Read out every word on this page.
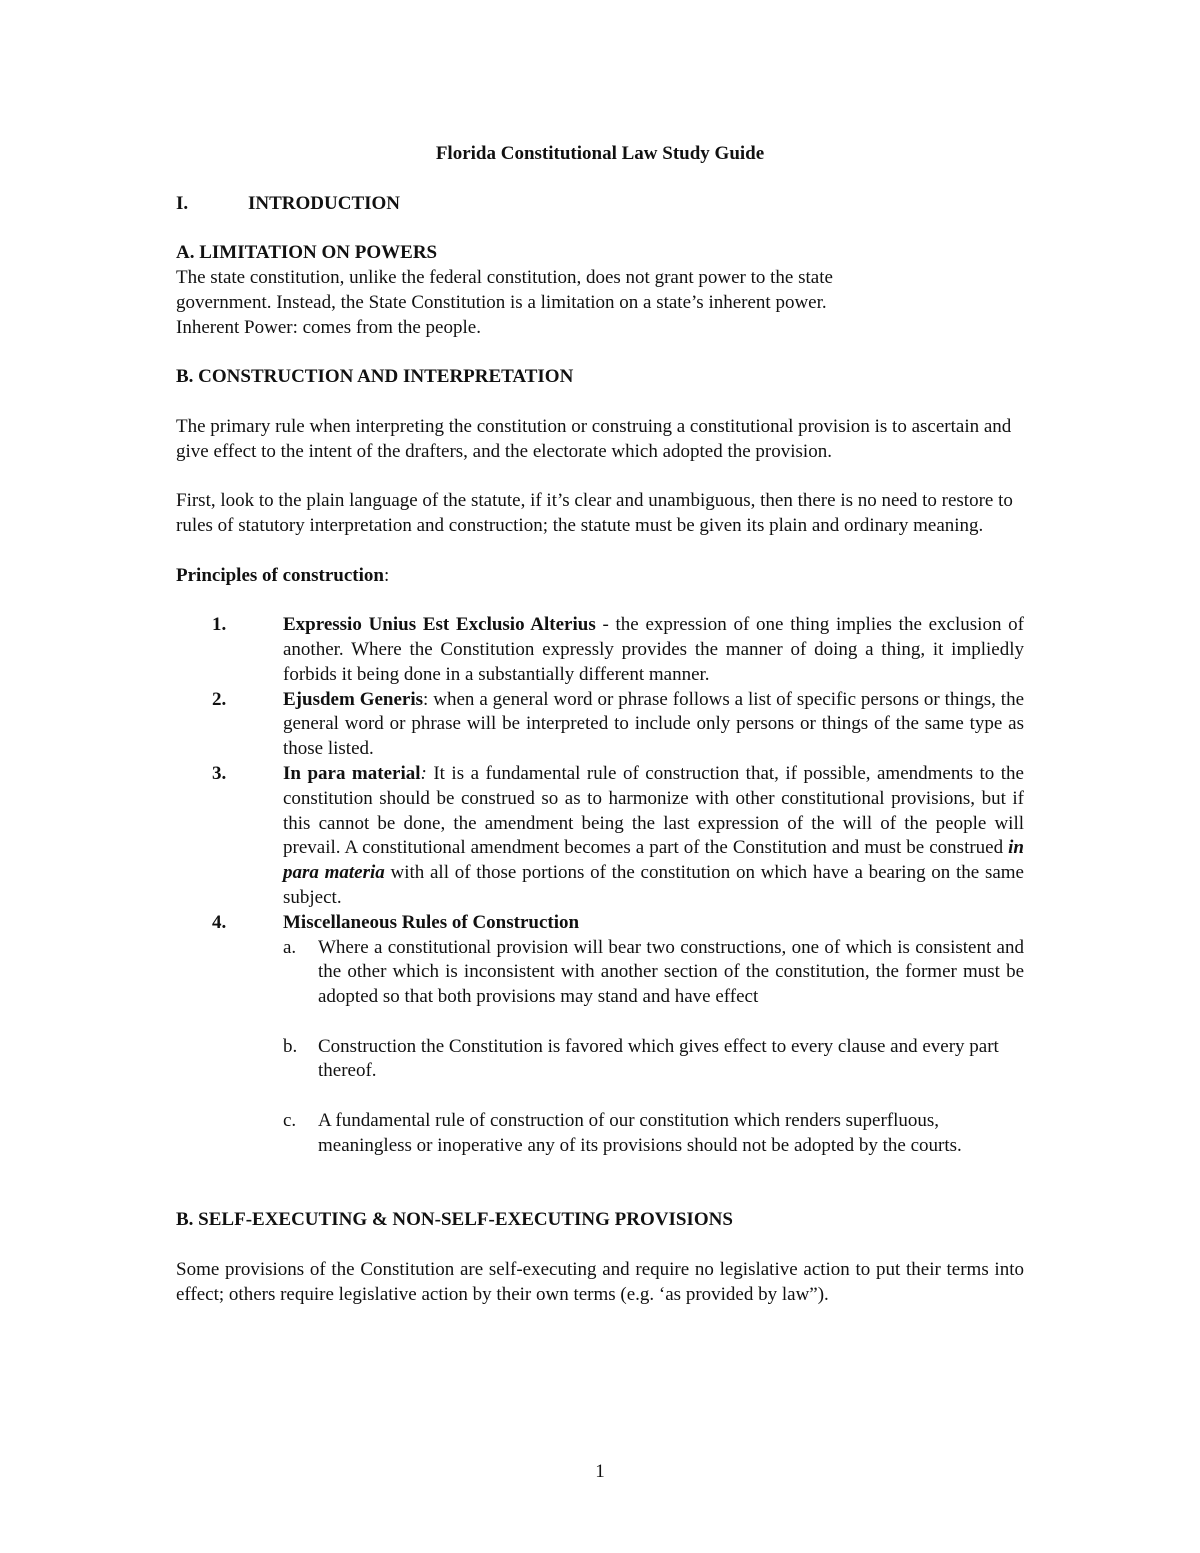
Florida Constitutional Law Study Guide

I.	INTRODUCTION

A. LIMITATION ON POWERS

The state constitution, unlike the federal constitution, does not grant power to the state

government. Instead, the State Constitution is a limitation on a state’s inherent power.

Inherent Power: comes from the people.

B. CONSTRUCTION AND INTERPRETATION

The primary rule when interpreting the constitution or construing a constitutional provision is to ascertain and give effect to the intent of the drafters, and the electorate which adopted the provision.

First, look to the plain language of the statute, if it’s clear and unambiguous, then there is no need to restore to rules of statutory interpretation and construction; the statute must be given its plain and ordinary meaning.

Principles of construction:

1.	Expressio Unius Est Exclusio Alterius - the expression of one thing implies the exclusion of another. Where the Constitution expressly provides the manner of doing a thing, it impliedly forbids it being done in a substantially different manner.
2.	Ejusdem Generis: when a general word or phrase follows a list of specific persons or things, the general word or phrase will be interpreted to include only persons or things of the same type as those listed.
3.	In para material: It is a fundamental rule of construction that, if possible, amendments to the constitution should be construed so as to harmonize with other constitutional provisions, but if this cannot be done, the amendment being the last expression of the will of the people will prevail. A constitutional amendment becomes a part of the Constitution and must be construed in para materia with all of those portions of the constitution on which have a bearing on the same subject.
4.	Miscellaneous Rules of Construction
a.	Where a constitutional provision will bear two constructions, one of which is consistent and the other which is inconsistent with another section of the constitution, the former must be adopted so that both provisions may stand and have effect
b.	Construction the Constitution is favored which gives effect to every clause and every part thereof.
c.	A fundamental rule of construction of our constitution which renders superfluous, meaningless or inoperative any of its provisions should not be adopted by the courts.

B. SELF-EXECUTING & NON-SELF-EXECUTING PROVISIONS

Some provisions of the Constitution are self-executing and require no legislative action to put their terms into effect; others require legislative action by their own terms (e.g. ‘as provided by law”).

1
